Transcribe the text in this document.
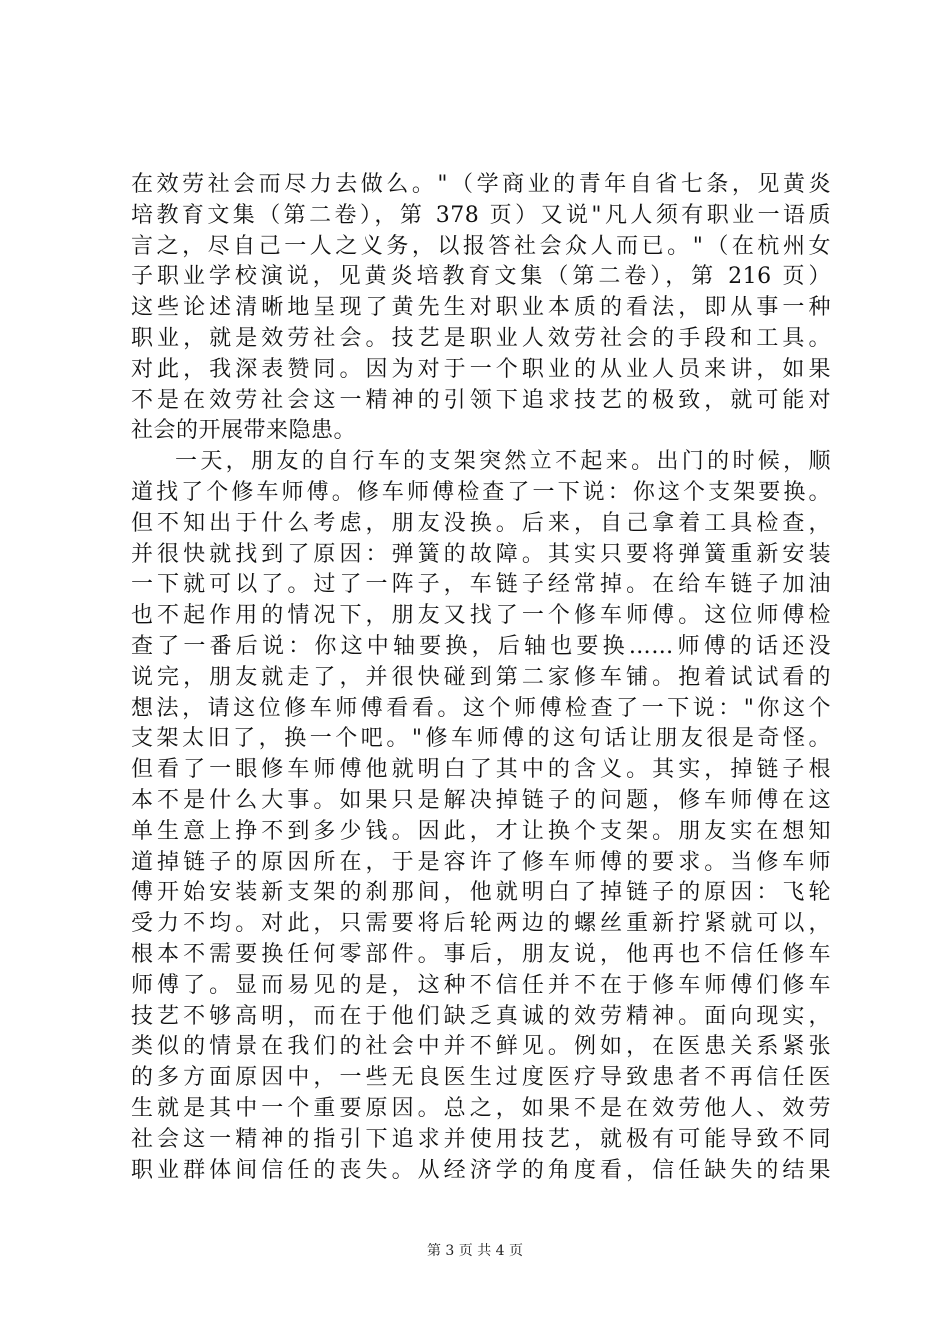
在效劳社会而尽力去做么。"（学商业的青年自省七条，见黄炎
培教育文集（第二卷），第 378 页）又说"凡人须有职业一语质
言之，尽自己一人之义务，以报答社会众人而已。"（在杭州女
子职业学校演说，见黄炎培教育文集（第二卷），第 216 页）
这些论述清晰地呈现了黄先生对职业本质的看法，即从事一种
职业，就是效劳社会。技艺是职业人效劳社会的手段和工具。
对此，我深表赞同。因为对于一个职业的从业人员来讲，如果
不是在效劳社会这一精神的引领下追求技艺的极致，就可能对
社会的开展带来隐患。
一天，朋友的自行车的支架突然立不起来。出门的时候，顺
道找了个修车师傅。修车师傅检查了一下说：你这个支架要换。
但不知出于什么考虑，朋友没换。后来，自己拿着工具检查，
并很快就找到了原因：弹簧的故障。其实只要将弹簧重新安装
一下就可以了。过了一阵子，车链子经常掉。在给车链子加油
也不起作用的情况下，朋友又找了一个修车师傅。这位师傅检
查了一番后说：你这中轴要换，后轴也要换……师傅的话还没
说完，朋友就走了，并很快碰到第二家修车铺。抱着试试看的
想法，请这位修车师傅看看。这个师傅检查了一下说："你这个
支架太旧了，换一个吧。"修车师傅的这句话让朋友很是奇怪。
但看了一眼修车师傅他就明白了其中的含义。其实，掉链子根
本不是什么大事。如果只是解决掉链子的问题，修车师傅在这
单生意上挣不到多少钱。因此，才让换个支架。朋友实在想知
道掉链子的原因所在，于是容许了修车师傅的要求。当修车师
傅开始安装新支架的刹那间，他就明白了掉链子的原因：飞轮
受力不均。对此，只需要将后轮两边的螺丝重新拧紧就可以，
根本不需要换任何零部件。事后，朋友说，他再也不信任修车
师傅了。显而易见的是，这种不信任并不在于修车师傅们修车
技艺不够高明，而在于他们缺乏真诚的效劳精神。面向现实，
类似的情景在我们的社会中并不鲜见。例如，在医患关系紧张
的多方面原因中，一些无良医生过度医疗导致患者不再信任医
生就是其中一个重要原因。总之，如果不是在效劳他人、效劳
社会这一精神的指引下追求并使用技艺，就极有可能导致不同
职业群体间信任的丧失。从经济学的角度看，信任缺失的结果
第 3 页 共 4 页
